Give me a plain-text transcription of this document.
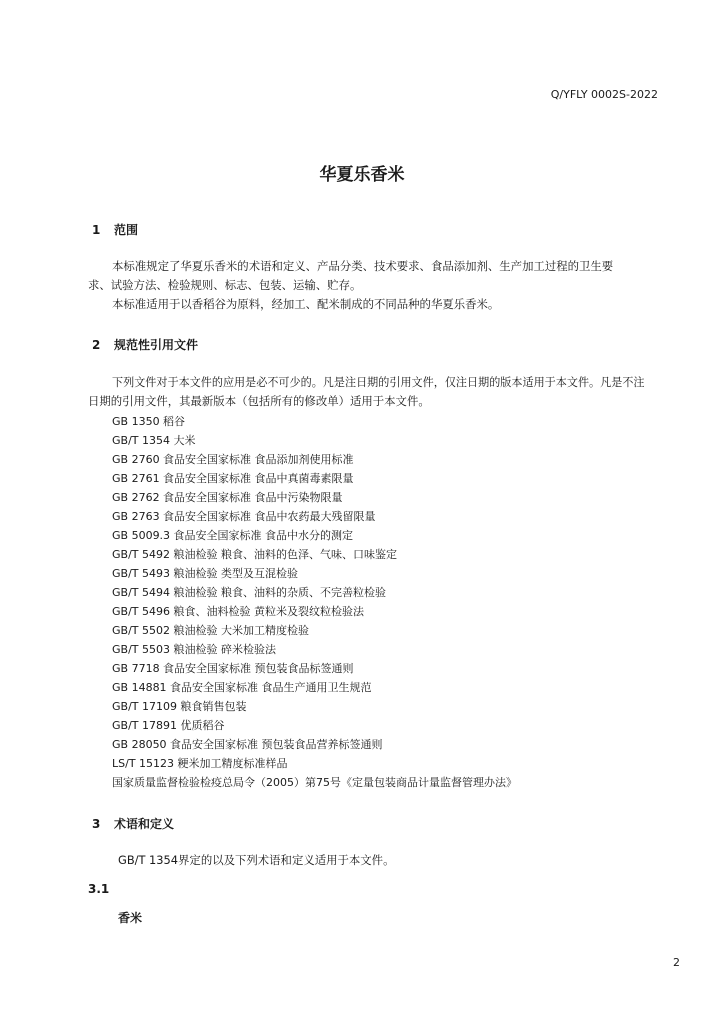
Q/YFLY 0002S-2022
华夏乐香米
1 范围
本标准规定了华夏乐香米的术语和定义、产品分类、技术要求、食品添加剂、生产加工过程的卫生要
求、试验方法、检验规则、标志、包装、运输、贮存。
本标准适用于以香稻谷为原料，经加工、配米制成的不同品种的华夏乐香米。
2 规范性引用文件
下列文件对于本文件的应用是必不可少的。凡是注日期的引用文件，仅注日期的版本适用于本文件。凡是不注
日期的引用文件，其最新版本（包括所有的修改单）适用于本文件。
GB 1350 稻谷
GB/T 1354 大米
GB 2760 食品安全国家标准 食品添加剂使用标准
GB 2761 食品安全国家标准 食品中真菌毒素限量
GB 2762 食品安全国家标准 食品中污染物限量
GB 2763 食品安全国家标准 食品中农药最大残留限量
GB 5009.3 食品安全国家标准 食品中水分的测定
GB/T 5492 粮油检验 粮食、油料的色泽、气味、口味鉴定
GB/T 5493 粮油检验 类型及互混检验
GB/T 5494 粮油检验 粮食、油料的杂质、不完善粒检验
GB/T 5496 粮食、油料检验 黄粒米及裂纹粒检验法
GB/T 5502 粮油检验 大米加工精度检验
GB/T 5503 粮油检验 碎米检验法
GB 7718 食品安全国家标准 预包装食品标签通则
GB 14881 食品安全国家标准 食品生产通用卫生规范
GB/T 17109 粮食销售包装
GB/T 17891 优质稻谷
GB 28050 食品安全国家标准 预包装食品营养标签通则
LS/T 15123 粳米加工精度标准样品
国家质量监督检验检疫总局令（2005）第75号《定量包装商品计量监督管理办法》
3 术语和定义
GB/T 1354界定的以及下列术语和定义适用于本文件。
3.1
香米
2
